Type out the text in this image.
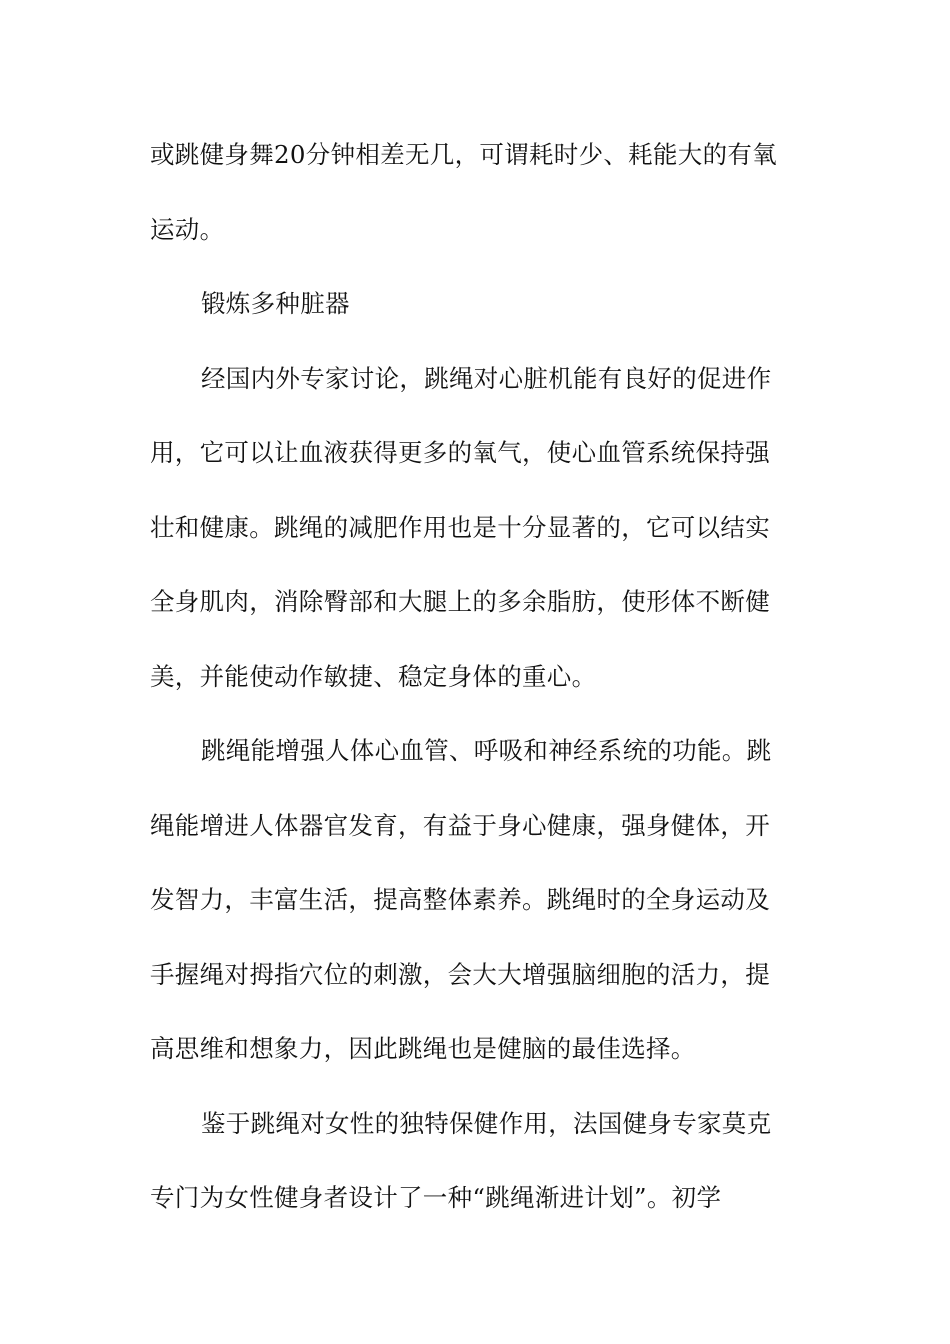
或跳健身舞20分钟相差无几，可谓耗时少、耗能大的有氧
运动。
锻炼多种脏器
经国内外专家讨论，跳绳对心脏机能有良好的促进作
用，它可以让血液获得更多的氧气，使心血管系统保持强
壮和健康。跳绳的减肥作用也是十分显著的，它可以结实
全身肌肉，消除臀部和大腿上的多余脂肪，使形体不断健
美，并能使动作敏捷、稳定身体的重心。
跳绳能增强人体心血管、呼吸和神经系统的功能。跳
绳能增进人体器官发育，有益于身心健康，强身健体，开
发智力，丰富生活，提高整体素养。跳绳时的全身运动及
手握绳对拇指穴位的刺激，会大大增强脑细胞的活力，提
高思维和想象力，因此跳绳也是健脑的最佳选择。
鉴于跳绳对女性的独特保健作用，法国健身专家莫克
专门为女性健身者设计了一种“跳绳渐进计划”。初学
